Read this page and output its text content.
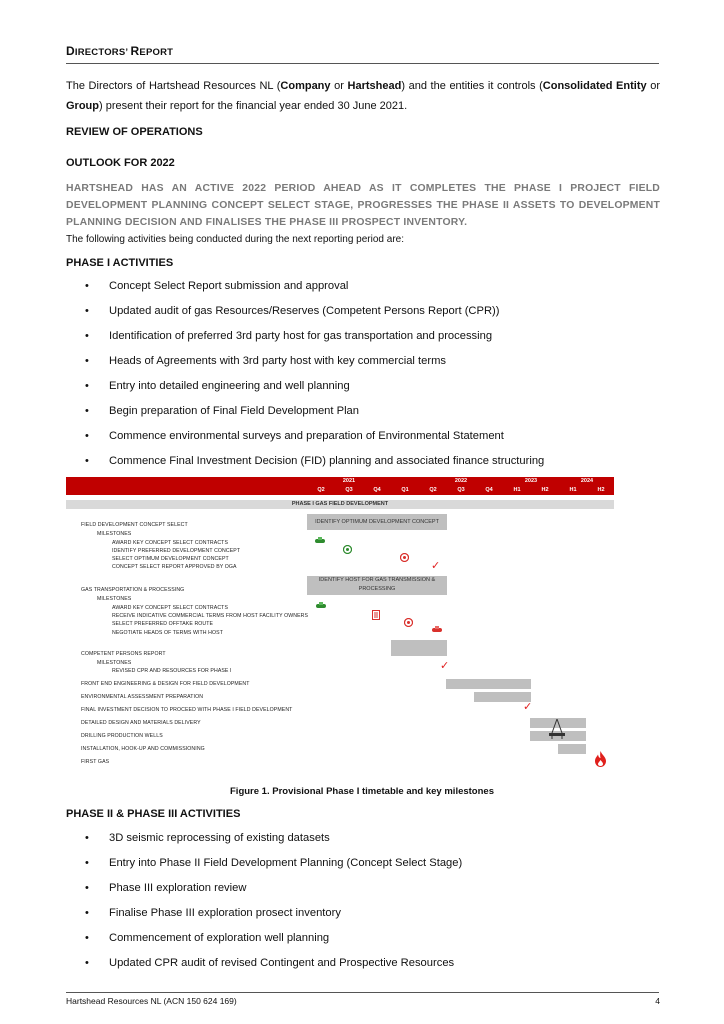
DIRECTORS’ REPORT
The Directors of Hartshead Resources NL (Company or Hartshead) and the entities it controls (Consolidated Entity or Group) present their report for the financial year ended 30 June 2021.
REVIEW OF OPERATIONS
OUTLOOK FOR 2022
HARTSHEAD HAS AN ACTIVE 2022 PERIOD AHEAD AS IT COMPLETES THE PHASE I PROJECT FIELD DEVELOPMENT PLANNING CONCEPT SELECT STAGE, PROGRESSES THE PHASE II ASSETS TO DEVELOPMENT PLANNING DECISION AND FINALISES THE PHASE III PROSPECT INVENTORY.
The following activities being conducted during the next reporting period are:
PHASE I ACTIVITIES
• Concept Select Report submission and approval
• Updated audit of gas Resources/Reserves (Competent Persons Report (CPR))
• Identification of preferred 3rd party host for gas transportation and processing
• Heads of Agreements with 3rd party host with key commercial terms
• Entry into detailed engineering and well planning
• Begin preparation of Final Field Development Plan
• Commence environmental surveys and preparation of Environmental Statement
• Commence Final Investment Decision (FID) planning and associated finance structuring
2021	2022	2023	2024
Q2	Q3	Q4	Q1	Q2	Q3	Q4	H1	H2	H1	H2
PHASE I GAS FIELD DEVELOPMENT
IDENTIFY OPTIMUM DEVELOPMENT CONCEPT
IDENTIFY HOST FOR GAS TRANSMISSION & PROCESSING
FIELD DEVELOPMENT CONCEPT SELECT
MILESTONES
AWARD KEY CONCEPT SELECT CONTRACTS
IDENTIFY PREFERRED DEVELOPMENT CONCEPT
SELECT OPTIMUM DEVELOPMENT CONCEPT
CONCEPT SELECT REPORT APPROVED BY OGA
GAS TRANSPORTATION & PROCESSING
MILESTONES
AWARD KEY CONCEPT SELECT CONTRACTS
RECEIVE INDICATIVE COMMERCIAL TERMS FROM HOST FACILITY OWNERS
SELECT PREFERRED OFFTAKE ROUTE
NEGOTIATE HEADS OF TERMS WITH HOST
COMPETENT PERSONS REPORT
MILESTONES
REVISED CPR AND RESOURCES FOR PHASE I
FRONT END ENGINEERING & DESIGN FOR FIELD DEVELOPMENT
ENVIRONMENTAL ASSESSMENT PREPARATION
FINAL INVESTMENT DECISION TO PROCEED WITH PHASE I FIELD DEVELOPMENT
DETAILED DESIGN AND MATERIALS DELIVERY
DRILLING PRODUCTION WELLS
INSTALLATION, HOOK-UP AND COMMISSIONING
FIRST GAS
✓
✓
✓
Figure 1. Provisional Phase I timetable and key milestones
PHASE II & PHASE III ACTIVITIES
• 3D seismic reprocessing of existing datasets
• Entry into Phase II Field Development Planning (Concept Select Stage)
• Phase III exploration review
• Finalise Phase III exploration prosect inventory
• Commencement of exploration well planning
• Updated CPR audit of revised Contingent and Prospective Resources
Hartshead Resources NL (ACN 150 624 169)	4
